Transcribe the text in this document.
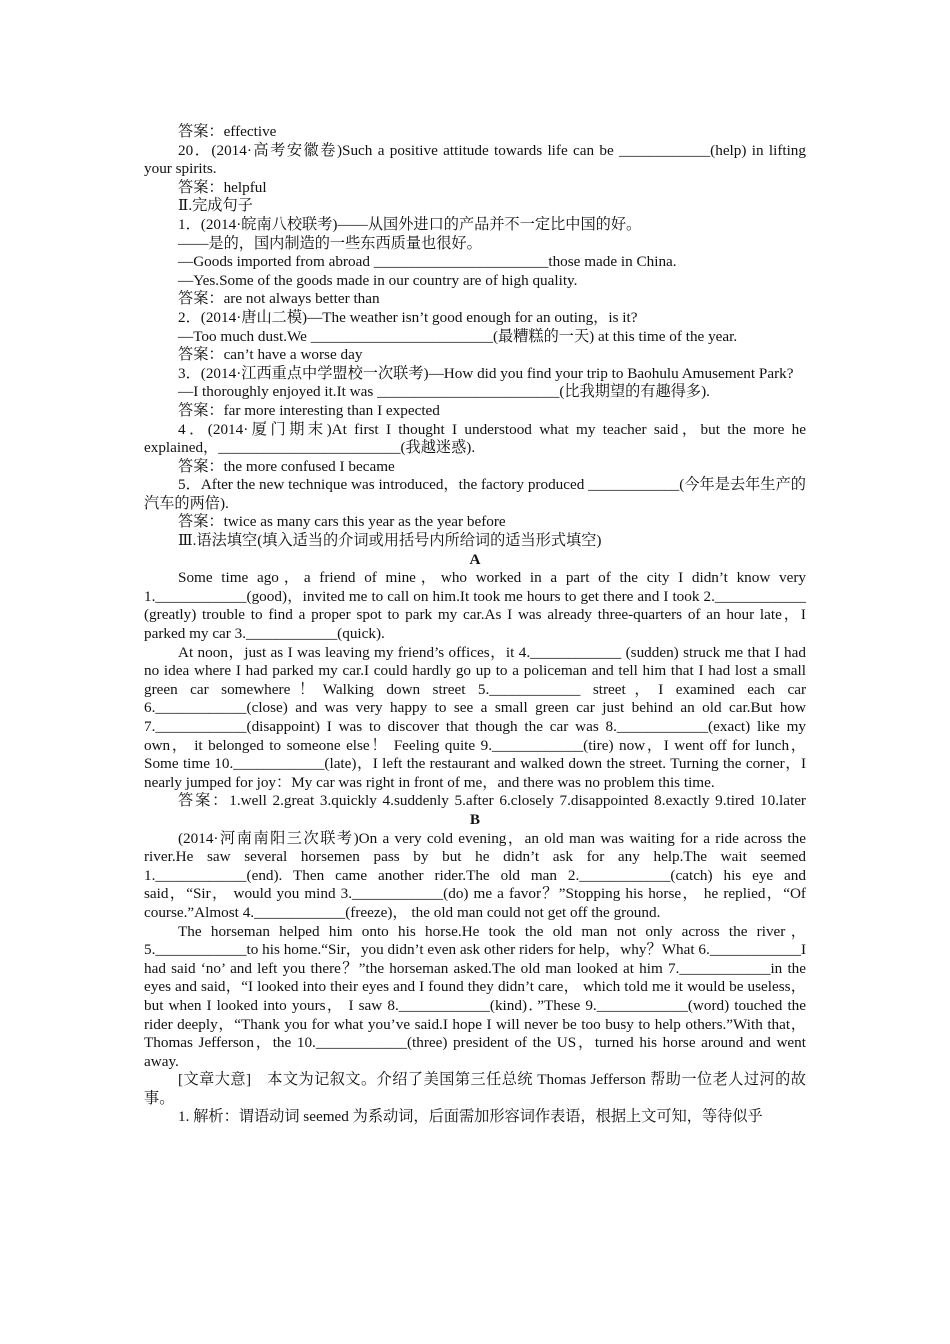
答案：effective

20．(2014·高考安徽卷)Such a positive attitude towards life can be ____________(help) in lifting your spirits.

答案：helpful

Ⅱ.完成句子

1．(2014·皖南八校联考)——从国外进口的产品并不一定比中国的好。

——是的，国内制造的一些东西质量也很好。

—Goods imported from abroad _______________________those made in China.

—Yes.Some of the goods made in our country are of high quality.

答案：are not always better than

2．(2014·唐山二模)—The weather isn’t good enough for an outing，is it?

—Too much dust.We ________________________(最糟糕的一天) at this time of the year.

答案：can’t have a worse day

3．(2014·江西重点中学盟校一次联考)—How did you find your trip to Baohulu Amusement Park?

—I thoroughly enjoyed it.It was ________________________(比我期望的有趣得多).

答案：far more interesting than I expected

4．(2014·厦门期末)At first I thought I understood what my teacher said，but the more he explained，________________________(我越迷惑).

答案：the more confused I became

5．After the new technique was introduced，the factory produced ____________(今年是去年生产的汽车的两倍).

答案：twice as many cars this year as the year before

Ⅲ.语法填空(填入适当的介词或用括号内所给词的适当形式填空)

A

Some time ago，a friend of mine，who worked in a part of the city I didn’t know very 1.____________(good)，invited me to call on him.It took me hours to get there and I took 2.____________ (greatly) trouble to find a proper spot to park my car.As I was already three-quarters of an hour late，I parked my car 3.____________(quick).

At noon，just as I was leaving my friend’s offices，it 4.____________ (sudden) struck me that I had no idea where I had parked my car.I could hardly go up to a policeman and tell him that I had lost a small green car somewhere！Walking down street 5.____________ street，I examined each car 6.____________(close) and was very happy to see a small green car just behind an old car.But how 7.____________(disappoint) I was to discover that though the car was 8.____________(exact) like my own， it belonged to someone else！ Feeling quite 9.____________(tire) now，I went off for lunch，Some time 10.____________(late)，I left the restaurant and walked down the street. Turning the corner，I nearly jumped for joy：My car was right in front of me，and there was no problem this time.

答案：1.well 2.great 3.quickly 4.suddenly 5.after 6.closely 7.disappointed 8.exactly 9.tired 10.later

B

(2014·河南南阳三次联考)On a very cold evening，an old man was waiting for a ride across the river.He saw several horsemen pass by but he didn’t ask for any help.The wait seemed 1.____________(end). Then came another rider.The old man 2.____________(catch) his eye and said，“Sir， would you mind 3.____________(do) me a favor？”Stopping his horse， he replied，“Of course.”Almost 4.____________(freeze)， the old man could not get off the ground.

The horseman helped him onto his horse.He took the old man not only across the river，5.____________to his home.“Sir，you didn’t even ask other riders for help，why？What 6.____________I had said ‘no’ and left you there？”the horseman asked.The old man looked at him 7.____________in the eyes and said，“I looked into their eyes and I found they didn’t care， which told me it would be useless， but when I looked into yours， I saw 8.____________(kind)．”These 9.____________(word) touched the rider deeply，“Thank you for what you’ve said.I hope I will never be too busy to help others.”With that， Thomas Jefferson，the 10.____________(three) president of the US，turned his horse around and went away.

[文章大意]　本文为记叙文。介绍了美国第三任总统 Thomas Jefferson 帮助一位老人过河的故事。

1. 解析：谓语动词 seemed 为系动词，后面需加形容词作表语，根据上文可知，等待似乎
